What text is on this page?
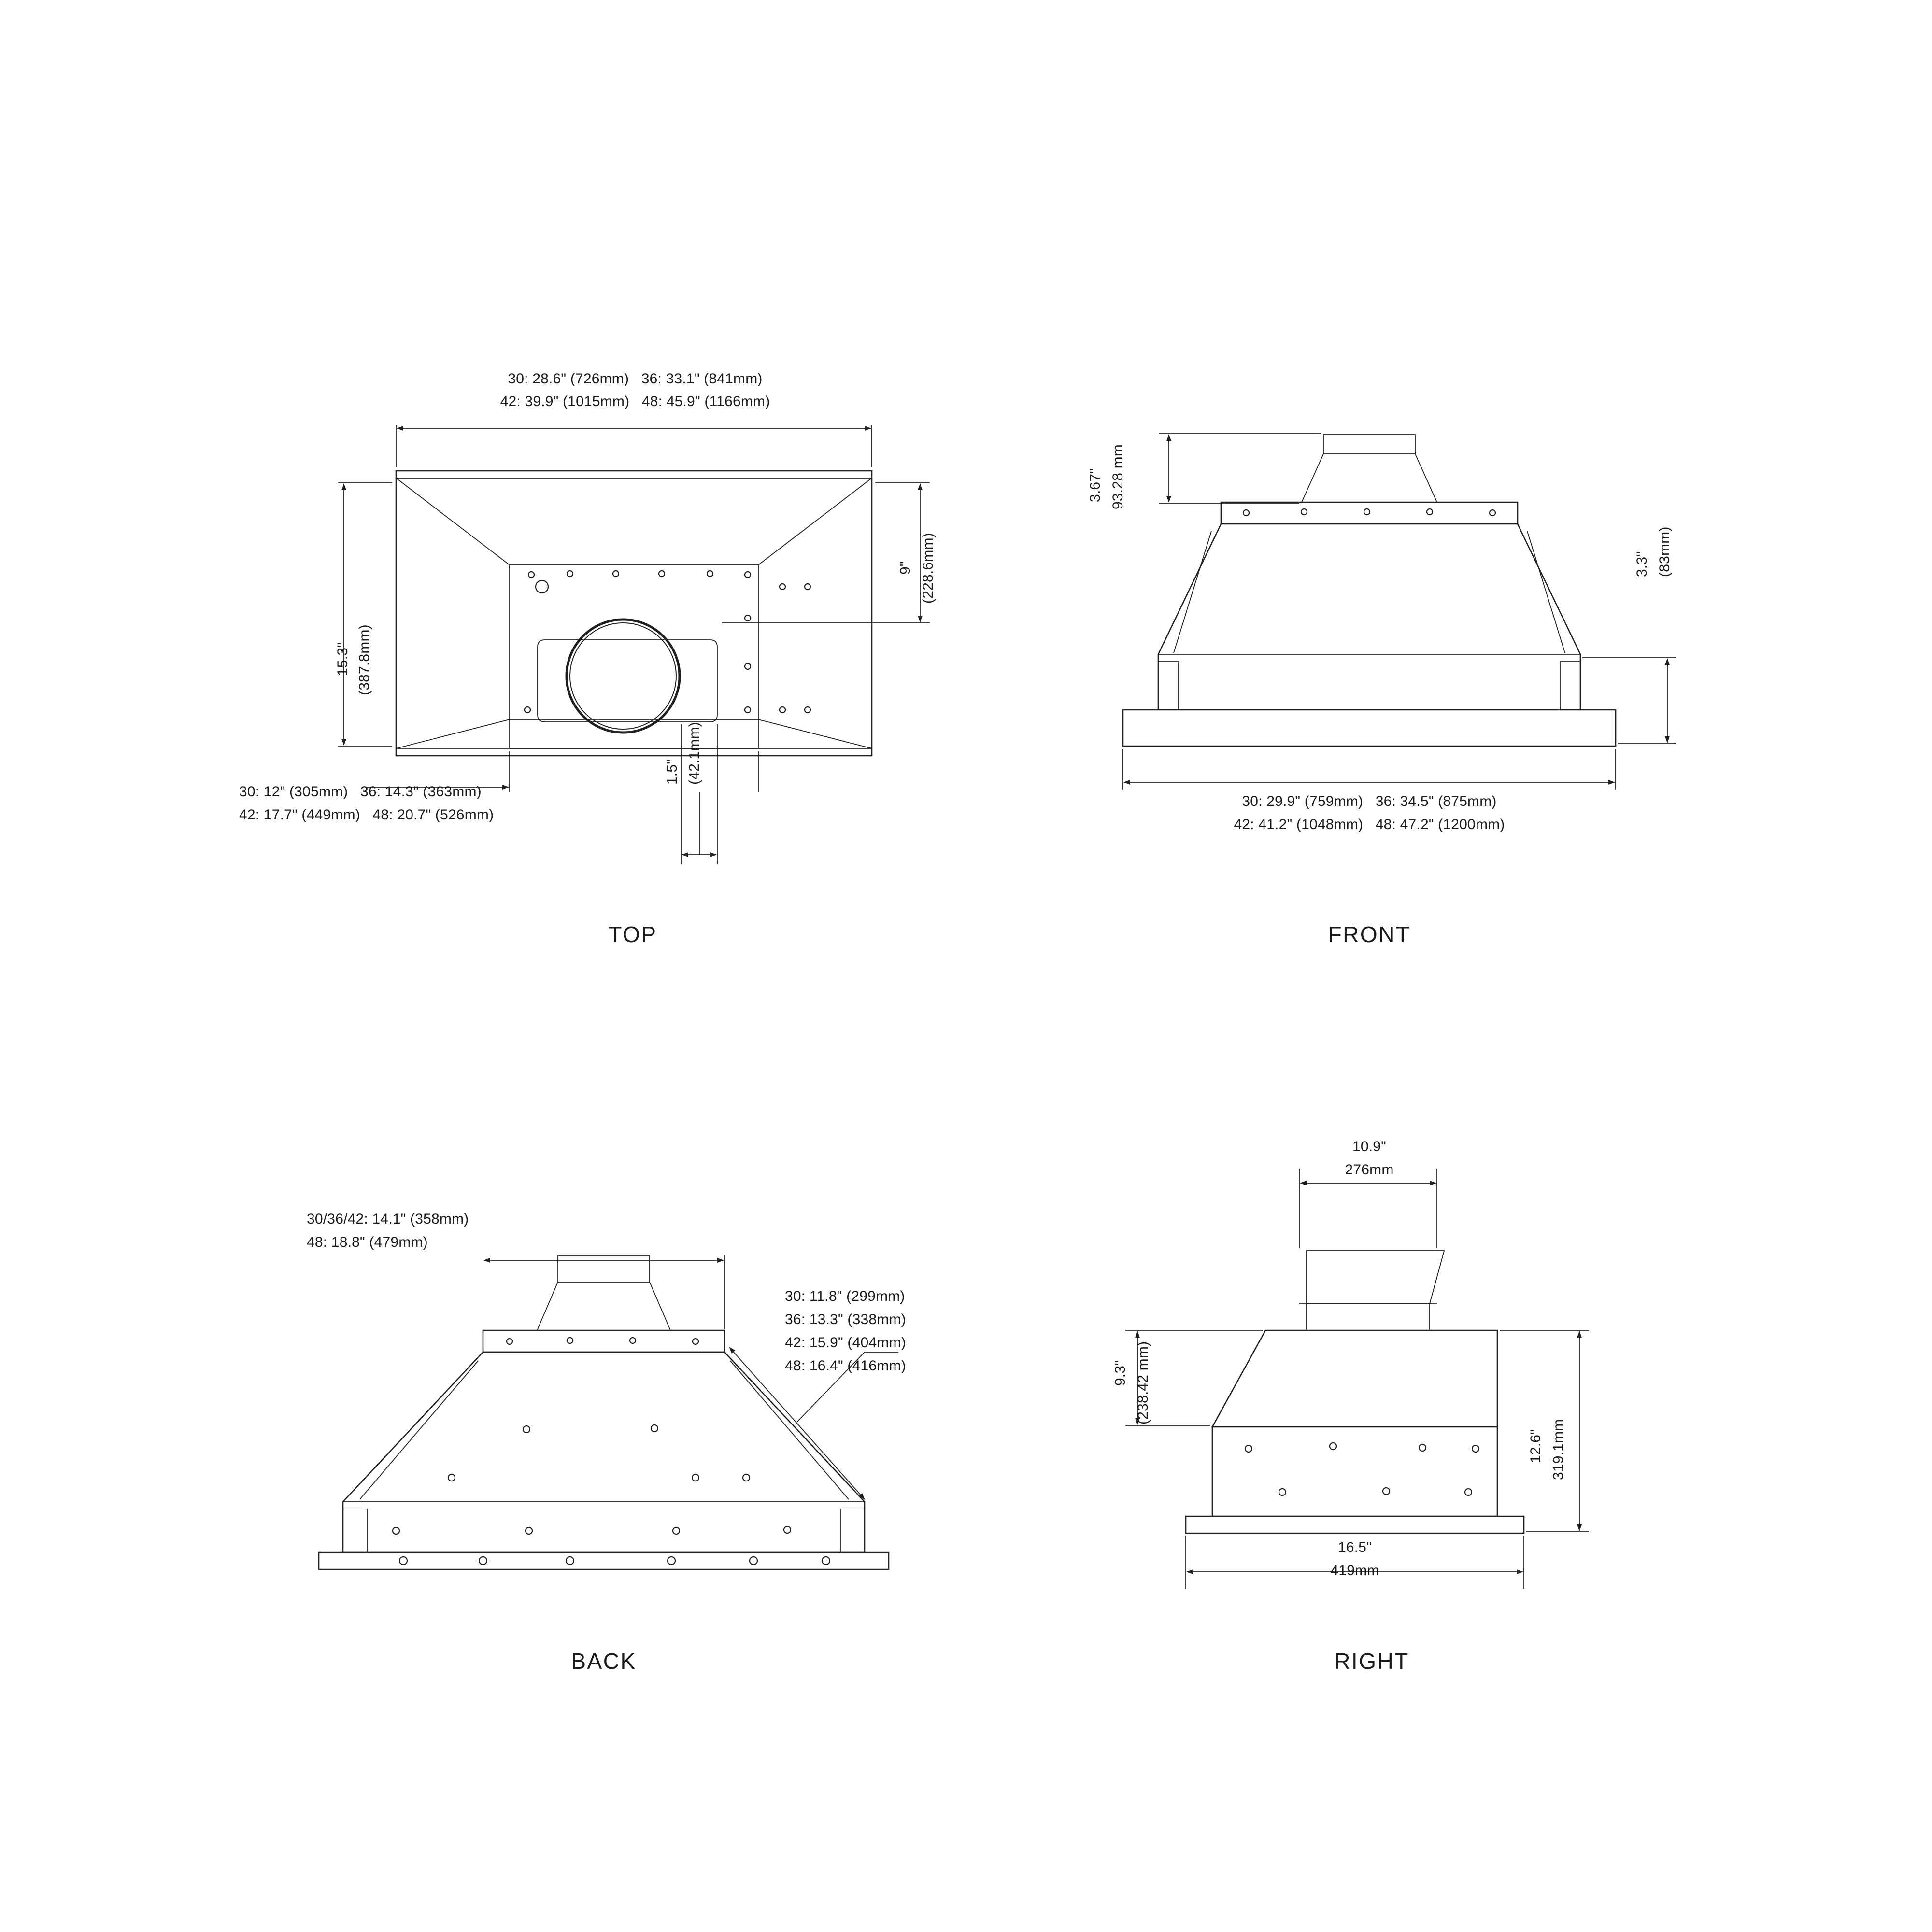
30: 28.6" (726mm)   36: 33.1" (841mm)
42: 39.9" (1015mm)   48: 45.9" (1166mm)
15.3" (387.8mm)
9" (228.6mm)
30: 12" (305mm)   36: 14.3" (363mm)
42: 17.7" (449mm)   48: 20.7" (526mm)
1.5" (42.1mm)
TOP
3.67" 93.28 mm
3.3" (83mm)
30: 29.9" (759mm)   36: 34.5" (875mm)
42: 41.2" (1048mm)   48: 47.2" (1200mm)
FRONT
30/36/42: 14.1" (358mm)
48: 18.8" (479mm)
30: 11.8" (299mm)
36: 13.3" (338mm)
42: 15.9" (404mm)
48: 16.4" (416mm)
BACK
10.9"
276mm
9.3" (238.42 mm)
12.6" 319.1mm
16.5"
419mm
RIGHT
